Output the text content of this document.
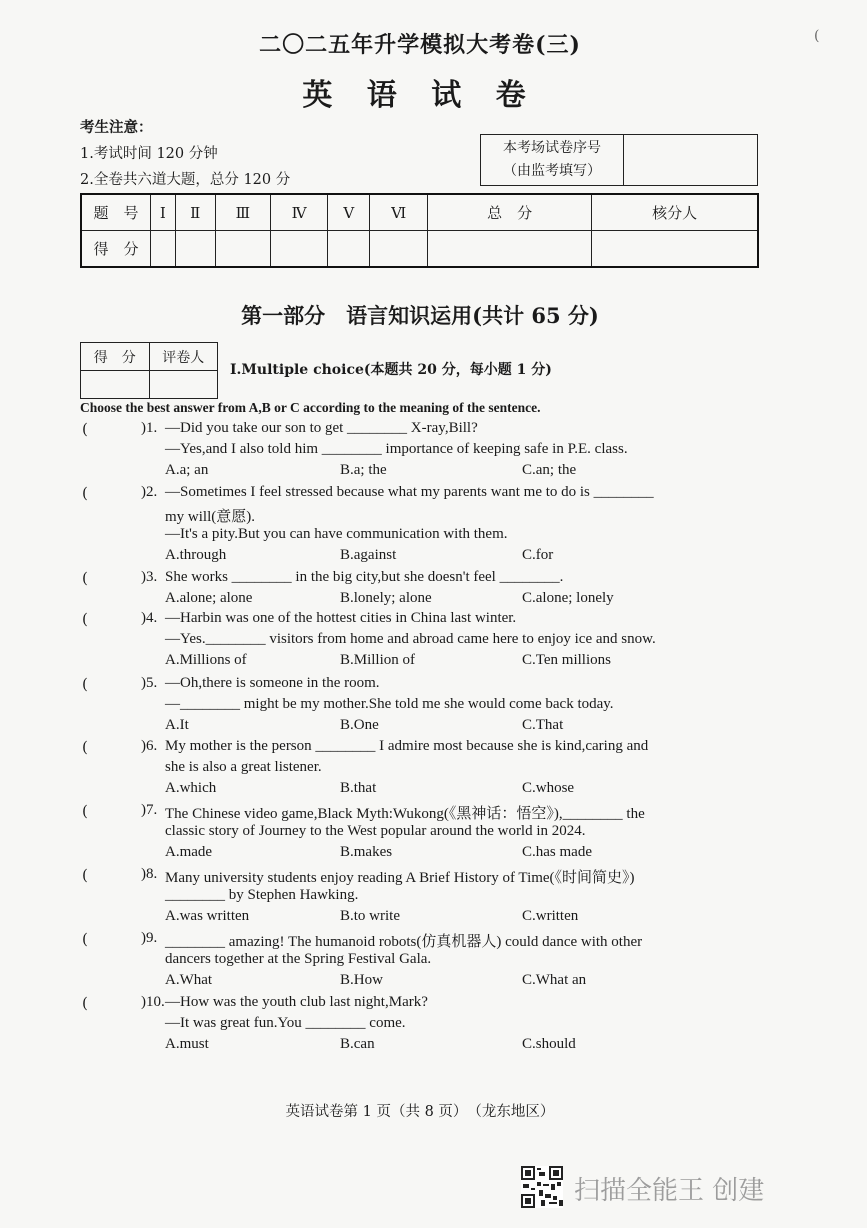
二〇二五年升学模拟大考卷(三)	(
英 语 试 卷
考生注意：
1.考试时间 120 分钟
2.全卷共六道大题，总分 120 分
本考场试卷序号
（由监考填写）
题　号	Ⅰ	Ⅱ	Ⅲ	Ⅳ	Ⅴ	Ⅵ	总　分	核分人
得　分								
第一部分　语言知识运用(共计 65 分)
得　分	评卷人

Ⅰ.Multiple choice(本题共 20 分，每小题 1 分)
Choose the best answer from A,B or C according to the meaning of the sentence.
(	)1. —Did you take our son to get ________ X-ray,Bill?
—Yes,and I also told him ________ importance of keeping safe in P.E. class.
A.a; an	B.a; the	C.an; the
(	)2. —Sometimes I feel stressed because what my parents want me to do is ________
my will(意愿).
—It's a pity.But you can have communication with them.
A.through	B.against	C.for
(	)3. She works ________ in the big city,but she doesn't feel ________.
A.alone; alone	B.lonely; alone	C.alone; lonely
(	)4. —Harbin was one of the hottest cities in China last winter.
—Yes.________ visitors from home and abroad came here to enjoy ice and snow.
A.Millions of	B.Million of	C.Ten millions
(	)5. —Oh,there is someone in the room.
—________ might be my mother.She told me she would come back today.
A.It	B.One	C.That
(	)6. My mother is the person ________ I admire most because she is kind,caring and
she is also a great listener.
A.which	B.that	C.whose
(	)7. The Chinese video game,Black Myth:Wukong(《黑神话：悟空》),________ the
classic story of Journey to the West popular around the world in 2024.
A.made	B.makes	C.has made
(	)8. Many university students enjoy reading A Brief History of Time(《时间简史》)
________ by Stephen Hawking.
A.was written	B.to write	C.written
(	)9. ________ amazing! The humanoid robots(仿真机器人) could dance with other
dancers together at the Spring Festival Gala.
A.What	B.How	C.What an
(	)10. —How was the youth club last night,Mark?
—It was great fun.You ________ come.
A.must	B.can	C.should
英语试卷第 1 页（共 8 页）　（龙东地区）
扫描全能王 创建
